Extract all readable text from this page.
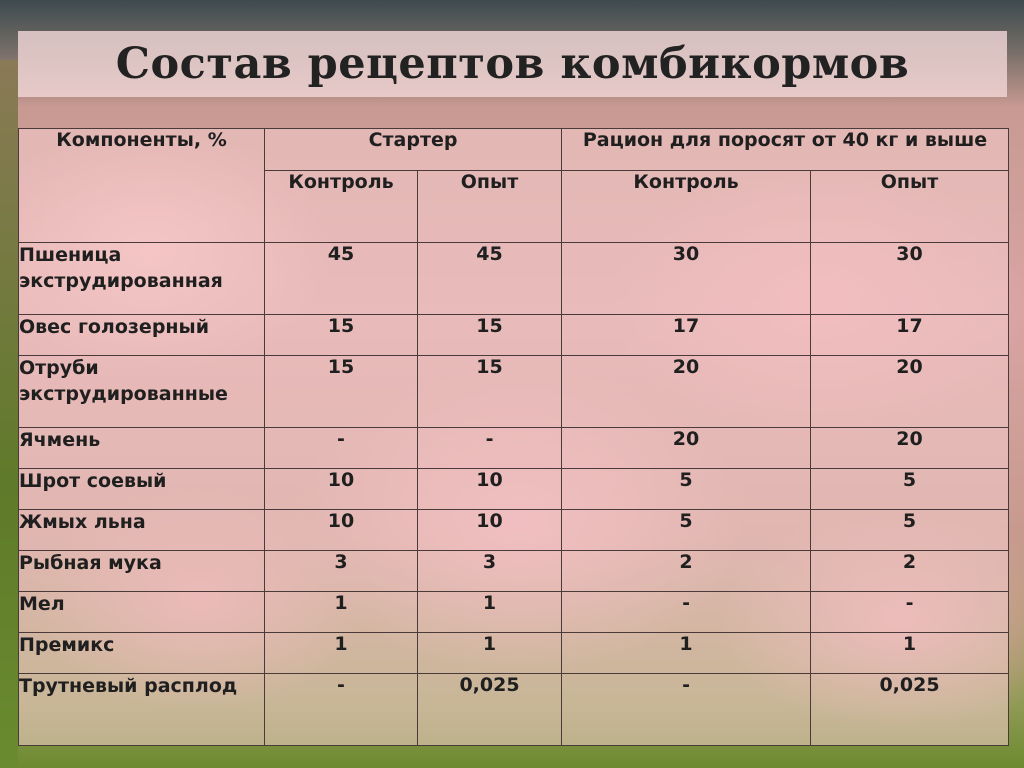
Состав рецептов комбикормов
Компоненты, %	Стартер		Рацион для поросят от 40 кг и выше	
	Контроль	Опыт	Контроль	Опыт
Пшеница экструдированная	45	45	30	30
Овес голозерный	15	15	17	17
Отруби экструдированные	15	15	20	20
Ячмень	-	-	20	20
Шрот соевый	10	10	5	5
Жмых льна	10	10	5	5
Рыбная мука	3	3	2	2
Мел	1	1	-	-
Премикс	1	1	1	1
Трутневый расплод	-	0,025	-	0,025
